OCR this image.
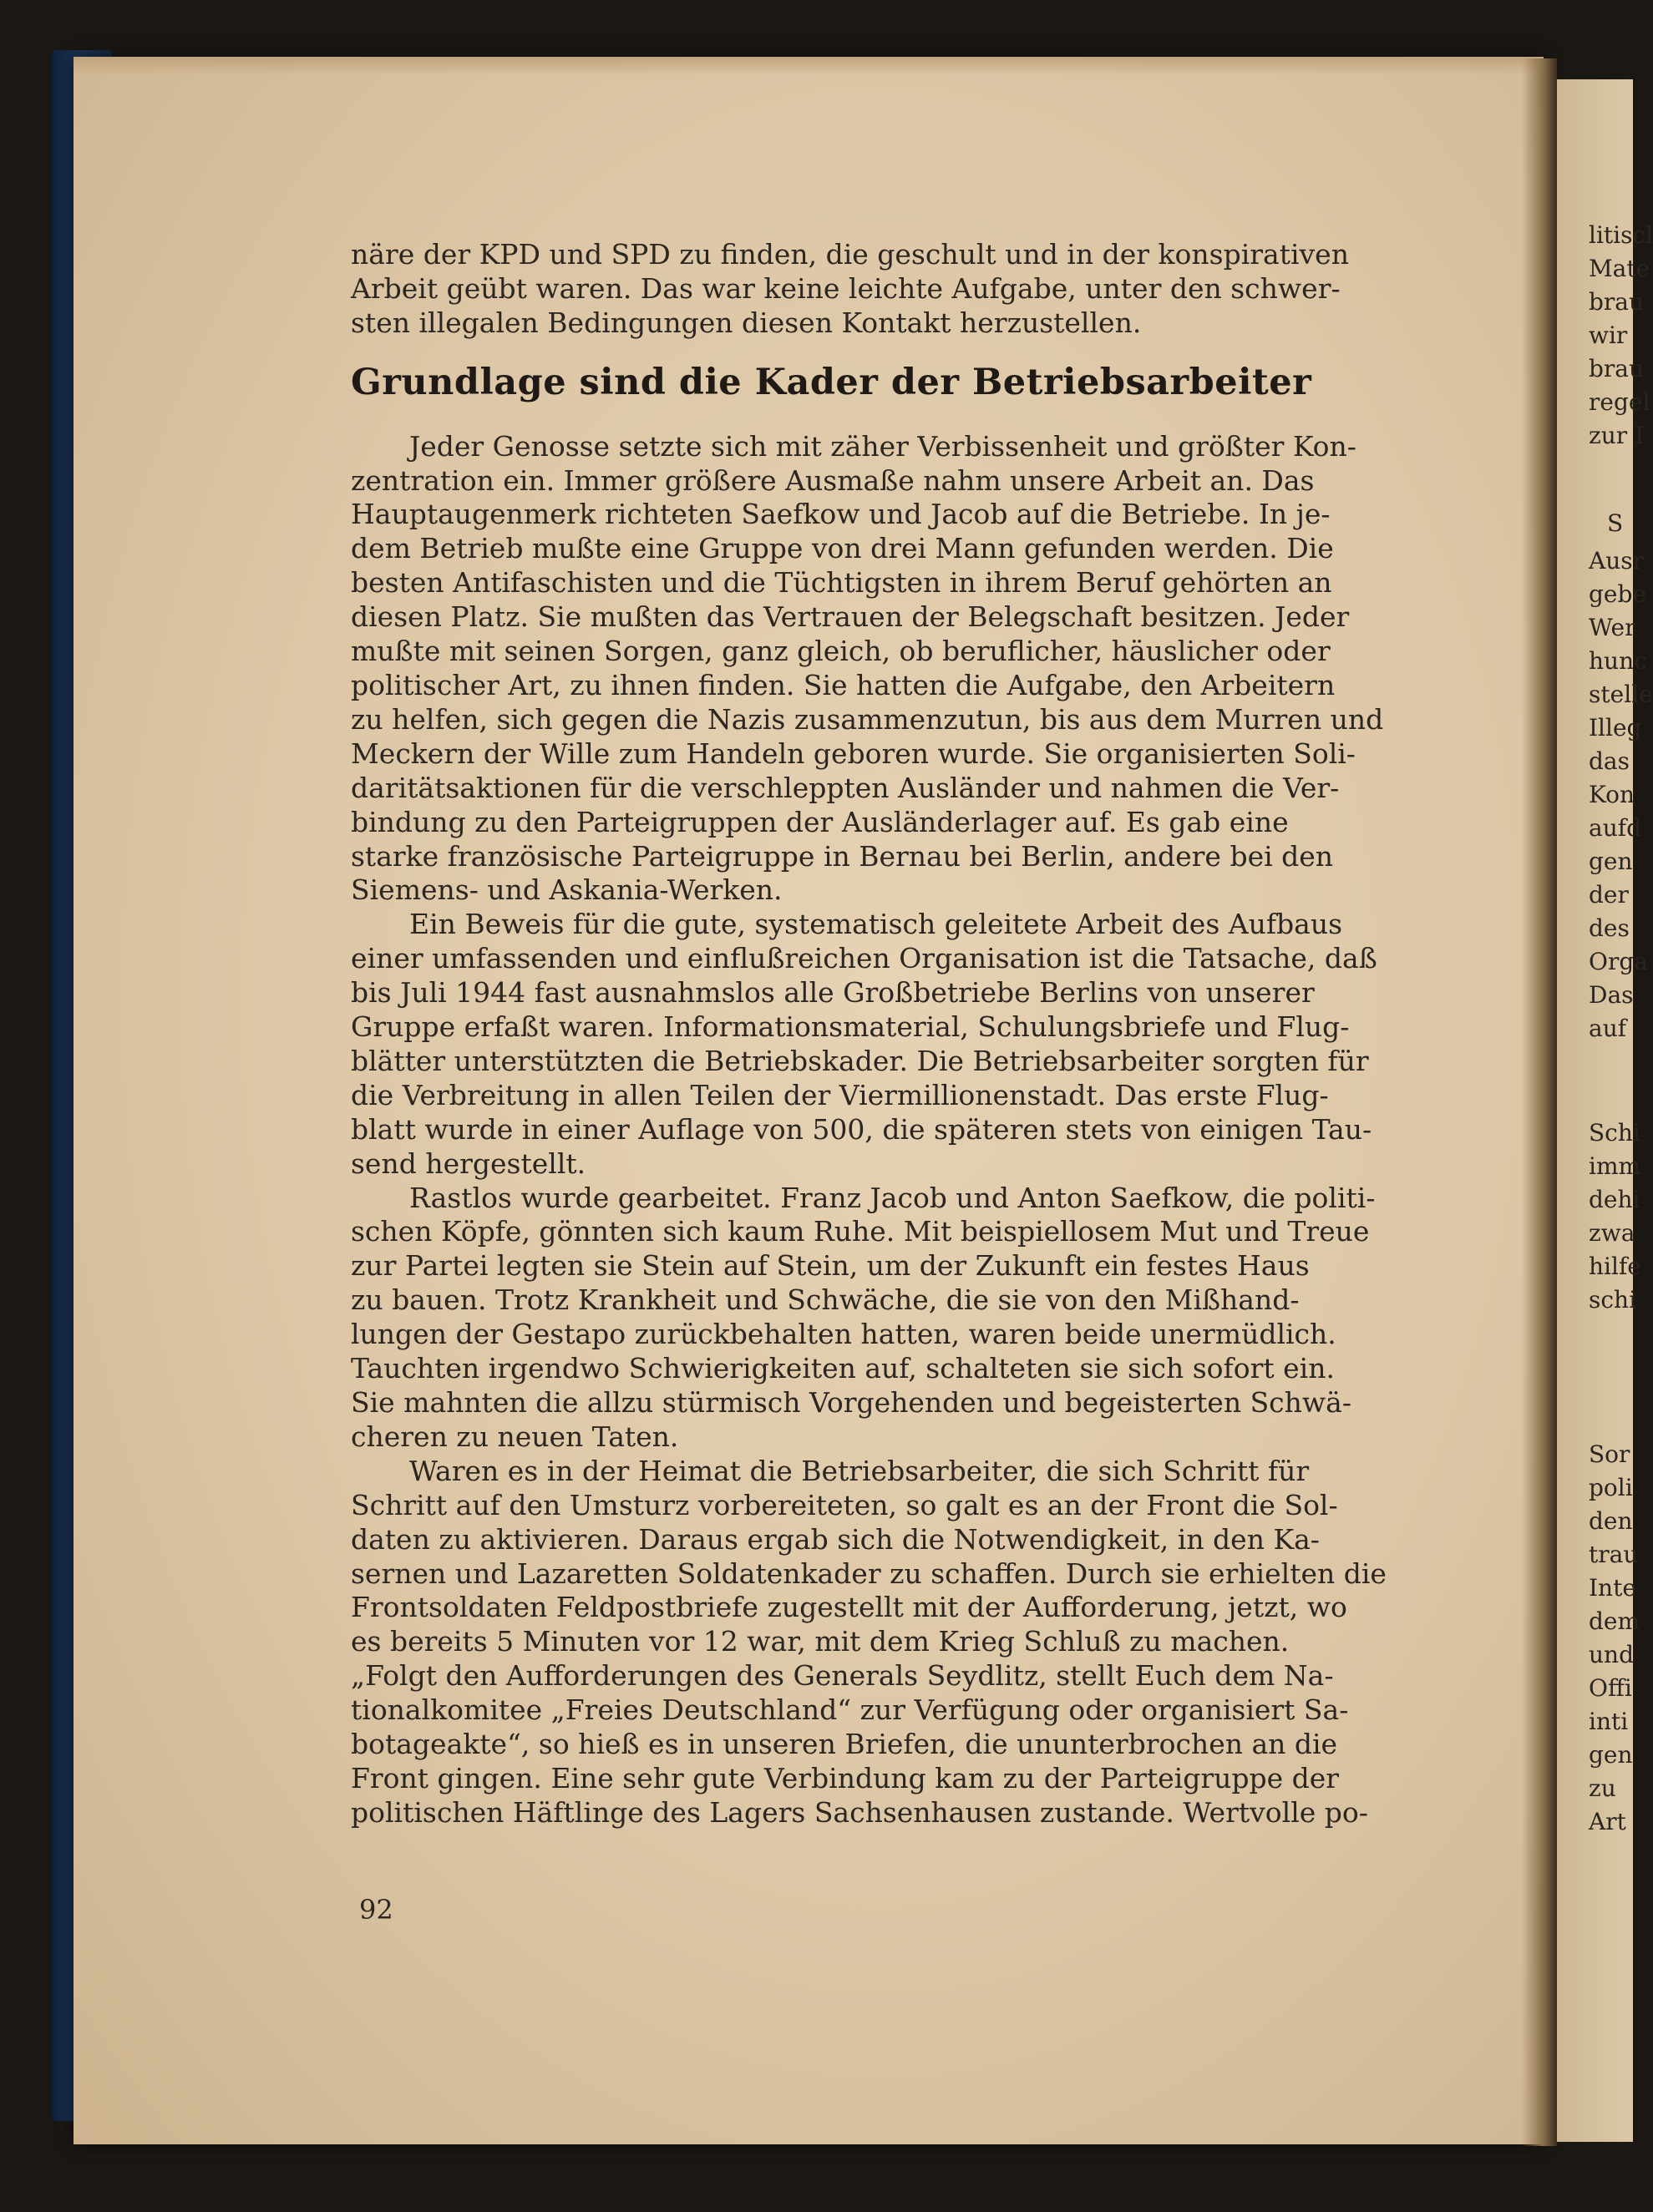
litiscl
Mate
brau
wir
brau
regel
zur I
S
Ausr
gebe
Wer
hunc
stelle
Illeg
das
Kon
aufd
gen
der
des
Orga
Das
auf
Schi
imm
dehi
zwa
hilfe
schi
Sor
poli
den
trau
Inte
dem
und
Offi
inti
gen
zu
Art

näre der KPD und SPD zu finden, die geschult und in der konspirativen
Arbeit geübt waren. Das war keine leichte Aufgabe, unter den schwer-
sten illegalen Bedingungen diesen Kontakt herzustellen.

Grundlage sind die Kader der Betriebsarbeiter

Jeder Genosse setzte sich mit zäher Verbissenheit und größter Kon-
zentration ein. Immer größere Ausmaße nahm unsere Arbeit an. Das
Hauptaugenmerk richteten Saefkow und Jacob auf die Betriebe. In je-
dem Betrieb mußte eine Gruppe von drei Mann gefunden werden. Die
besten Antifaschisten und die Tüchtigsten in ihrem Beruf gehörten an
diesen Platz. Sie mußten das Vertrauen der Belegschaft besitzen. Jeder
mußte mit seinen Sorgen, ganz gleich, ob beruflicher, häuslicher oder
politischer Art, zu ihnen finden. Sie hatten die Aufgabe, den Arbeitern
zu helfen, sich gegen die Nazis zusammenzutun, bis aus dem Murren und
Meckern der Wille zum Handeln geboren wurde. Sie organisierten Soli-
daritätsaktionen für die verschleppten Ausländer und nahmen die Ver-
bindung zu den Parteigruppen der Ausländerlager auf. Es gab eine
starke französische Parteigruppe in Bernau bei Berlin, andere bei den
Siemens- und Askania-Werken.

Ein Beweis für die gute, systematisch geleitete Arbeit des Aufbaus
einer umfassenden und einflußreichen Organisation ist die Tatsache, daß
bis Juli 1944 fast ausnahmslos alle Großbetriebe Berlins von unserer
Gruppe erfaßt waren. Informationsmaterial, Schulungsbriefe und Flug-
blätter unterstützten die Betriebskader. Die Betriebsarbeiter sorgten für
die Verbreitung in allen Teilen der Viermillionenstadt. Das erste Flug-
blatt wurde in einer Auflage von 500, die späteren stets von einigen Tau-
send hergestellt.

Rastlos wurde gearbeitet. Franz Jacob und Anton Saefkow, die politi-
schen Köpfe, gönnten sich kaum Ruhe. Mit beispiellosem Mut und Treue
zur Partei legten sie Stein auf Stein, um der Zukunft ein festes Haus
zu bauen. Trotz Krankheit und Schwäche, die sie von den Mißhand-
lungen der Gestapo zurückbehalten hatten, waren beide unermüdlich.
Tauchten irgendwo Schwierigkeiten auf, schalteten sie sich sofort ein.
Sie mahnten die allzu stürmisch Vorgehenden und begeisterten Schwä-
cheren zu neuen Taten.

Waren es in der Heimat die Betriebsarbeiter, die sich Schritt für
Schritt auf den Umsturz vorbereiteten, so galt es an der Front die Sol-
daten zu aktivieren. Daraus ergab sich die Notwendigkeit, in den Ka-
sernen und Lazaretten Soldatenkader zu schaffen. Durch sie erhielten die
Frontsoldaten Feldpostbriefe zugestellt mit der Aufforderung, jetzt, wo
es bereits 5 Minuten vor 12 war, mit dem Krieg Schluß zu machen.
„Folgt den Aufforderungen des Generals Seydlitz, stellt Euch dem Na-
tionalkomitee „Freies Deutschland“ zur Verfügung oder organisiert Sa-
botageakte“, so hieß es in unseren Briefen, die ununterbrochen an die
Front gingen. Eine sehr gute Verbindung kam zu der Parteigruppe der
politischen Häftlinge des Lagers Sachsenhausen zustande. Wertvolle po-

92
